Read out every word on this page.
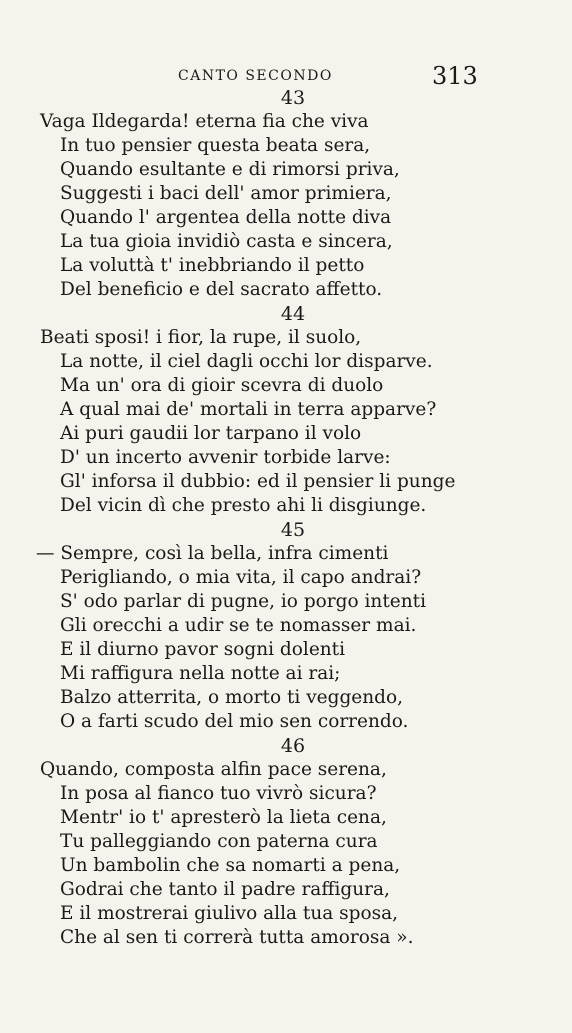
CANTO SECONDO	313
43
Vaga Ildegarda! eterna fia che viva
In tuo pensier questa beata sera,
Quando esultante e di rimorsi priva,
Suggesti i baci dell' amor primiera,
Quando l' argentea della notte diva
La tua gioia invidiò casta e sincera,
La voluttà t' inebbriando il petto
Del beneficio e del sacrato affetto.
44
Beati sposi! i fior, la rupe, il suolo,
La notte, il ciel dagli occhi lor disparve.
Ma un' ora di gioir scevra di duolo
A qual mai de' mortali in terra apparve?
Ai puri gaudii lor tarpano il volo
D' un incerto avvenir torbide larve:
Gl' inforsa il dubbio: ed il pensier li punge
Del vicin dì che presto ahi li disgiunge.
45
— Sempre, così la bella, infra cimenti
Perigliando, o mia vita, il capo andrai?
S' odo parlar di pugne, io porgo intenti
Gli orecchi a udir se te nomasser mai.
E il diurno pavor sogni dolenti
Mi raffigura nella notte ai rai;
Balzo atterrita, o morto ti veggendo,
O a farti scudo del mio sen correndo.
46
Quando, composta alfin pace serena,
In posa al fianco tuo vivrò sicura?
Mentr' io t' apresterò la lieta cena,
Tu palleggiando con paterna cura
Un bambolin che sa nomarti a pena,
Godrai che tanto il padre raffigura,
E il mostrerai giulivo alla tua sposa,
Che al sen ti correrà tutta amorosa ».
